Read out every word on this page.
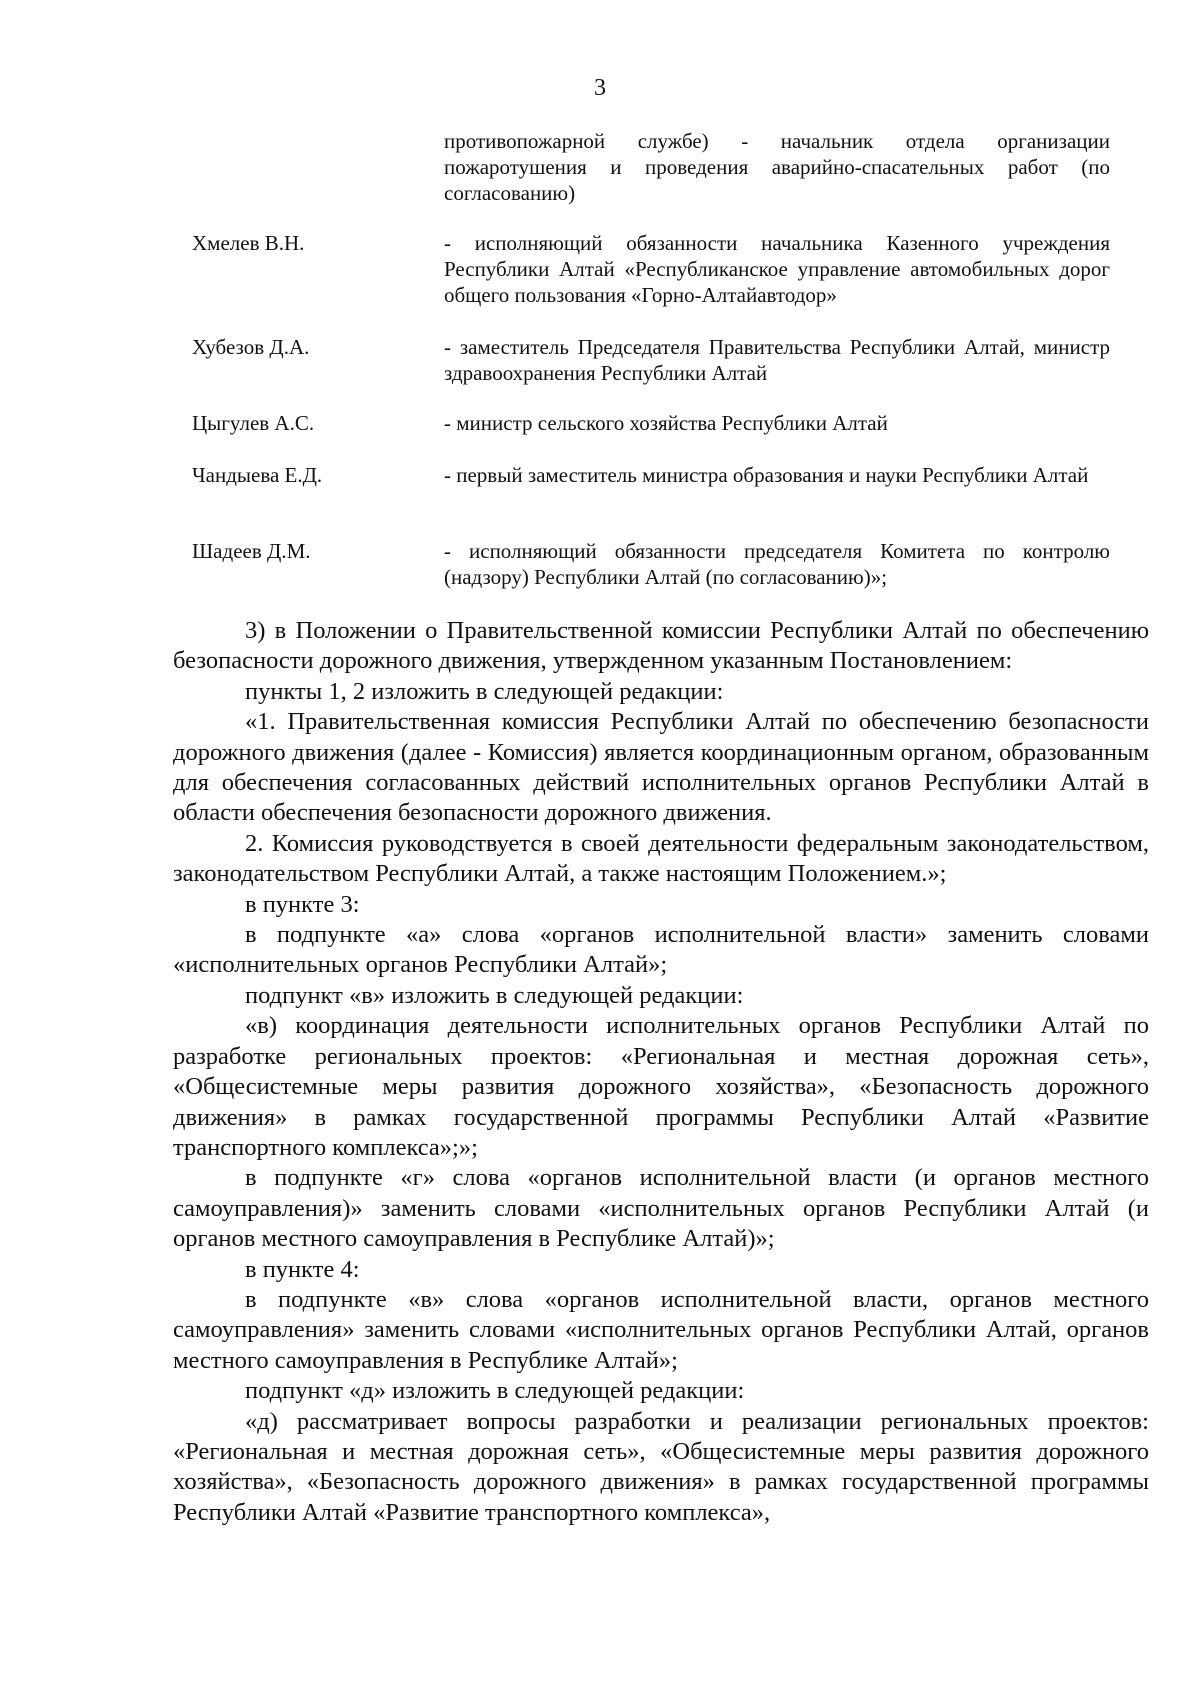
3
противопожарной службе) - начальник отдела организации пожаротушения и проведения аварийно-спасательных работ (по согласованию)
Хмелев В.Н.	- исполняющий обязанности начальника Казенного учреждения Республики Алтай «Республиканское управление автомобильных дорог общего пользования «Горно-Алтайавтодор»
Хубезов Д.А.	- заместитель Председателя Правительства Республики Алтай, министр здравоохранения Республики Алтай
Цыгулев А.С.	- министр сельского хозяйства Республики Алтай
Чандыева Е.Д.	- первый заместитель министра образования и науки Республики Алтай
Шадеев Д.М.	- исполняющий обязанности председателя Комитета по контролю (надзору) Республики Алтай (по согласованию)»;

3) в Положении о Правительственной комиссии Республики Алтай по обеспечению безопасности дорожного движения, утвержденном указанным Постановлением:

пункты 1, 2 изложить в следующей редакции:

«1. Правительственная комиссия Республики Алтай по обеспечению безопасности дорожного движения (далее - Комиссия) является координационным органом, образованным для обеспечения согласованных действий исполнительных органов Республики Алтай в области обеспечения безопасности дорожного движения.

2. Комиссия руководствуется в своей деятельности федеральным законодательством, законодательством Республики Алтай, а также настоящим Положением.»;

в пункте 3:

в подпункте «а» слова «органов исполнительной власти» заменить словами «исполнительных органов Республики Алтай»;

подпункт «в» изложить в следующей редакции:

«в) координация деятельности исполнительных органов Республики Алтай по разработке региональных проектов: «Региональная и местная дорожная сеть», «Общесистемные меры развития дорожного хозяйства», «Безопасность дорожного движения» в рамках государственной программы Республики Алтай «Развитие транспортного комплекса»;»;

в подпункте «г» слова «органов исполнительной власти (и органов местного самоуправления)» заменить словами «исполнительных органов Республики Алтай (и органов местного самоуправления в Республике Алтай)»;

в пункте 4:

в подпункте «в» слова «органов исполнительной власти, органов местного самоуправления» заменить словами «исполнительных органов Республики Алтай, органов местного самоуправления в Республике Алтай»;

подпункт «д» изложить в следующей редакции:

«д) рассматривает вопросы разработки и реализации региональных проектов: «Региональная и местная дорожная сеть», «Общесистемные меры развития дорожного хозяйства», «Безопасность дорожного движения» в рамках государственной программы Республики Алтай «Развитие транспортного комплекса»,
